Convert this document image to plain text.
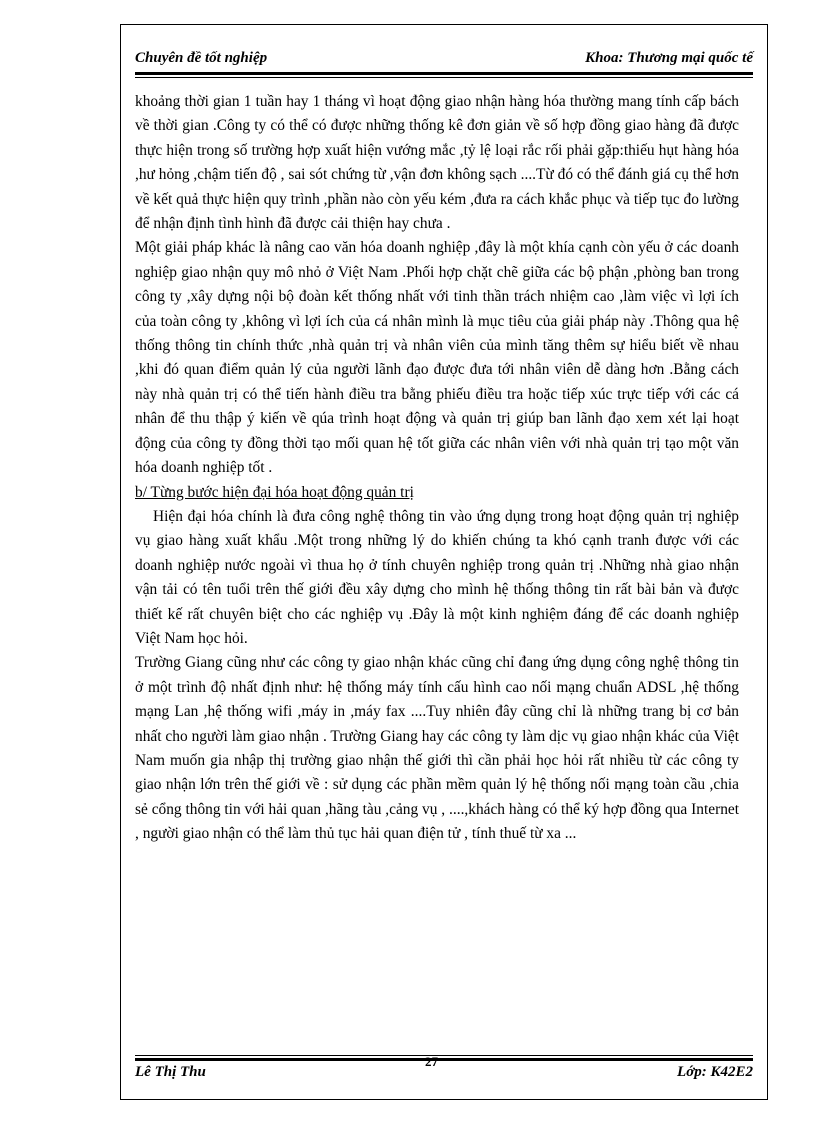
Chuyên đề tốt nghiệp	Khoa: Thương mại quốc tế

khoảng thời gian 1 tuần hay 1 tháng vì hoạt động giao nhận hàng hóa thường mang tính cấp bách về thời gian .Công ty có thể có được những thống kê đơn giản về số hợp đồng giao hàng đã được thực hiện trong số trường hợp xuất hiện vướng mắc ,tỷ lệ loại rắc rối phải gặp:thiếu hụt hàng hóa ,hư hỏng ,chậm tiến độ , sai sót chứng từ ,vận đơn không sạch ....Từ đó có thể đánh giá cụ thể hơn về kết quả thực hiện quy trình ,phần nào còn yếu kém ,đưa ra cách khắc phục và tiếp tục đo lường để nhận định tình hình đã được cải thiện hay chưa .

Một giải pháp khác là nâng cao văn hóa doanh nghiệp ,đây là một khía cạnh còn yếu ở các doanh nghiệp giao nhận quy mô nhỏ ở Việt Nam .Phối hợp chặt chẽ giữa các bộ phận ,phòng ban trong công ty ,xây dựng nội bộ đoàn kết thống nhất với tinh thần trách nhiệm cao ,làm việc vì lợi ích của toàn công ty ,không vì lợi ích của cá nhân mình là mục tiêu của giải pháp này .Thông qua hệ thống thông tin chính thức ,nhà quản trị và nhân viên của mình tăng thêm sự hiểu biết về nhau ,khi đó quan điểm quản lý của người lãnh đạo được đưa tới nhân viên dễ dàng hơn .Bằng cách này nhà quản trị có thể tiến hành điều tra bằng phiếu điều tra hoặc tiếp xúc trực tiếp với các cá nhân để thu thập ý kiến về qúa trình hoạt động và quản trị giúp ban lãnh đạo xem xét lại hoạt động của công ty đồng thời tạo mối quan hệ tốt giữa các nhân viên với nhà quản trị tạo một văn hóa doanh nghiệp tốt .

b/ Từng bước hiện đại hóa hoạt động quản trị

Hiện đại hóa chính là đưa công nghệ thông tin vào ứng dụng trong hoạt động quản trị nghiệp vụ giao hàng xuất khẩu .Một trong những lý do khiến chúng ta khó cạnh tranh được với các doanh nghiệp nước ngoài vì thua họ ở tính chuyên nghiệp trong quản trị .Những nhà giao nhận vận tải có tên tuổi trên thế giới đều xây dựng cho mình hệ thống thông tin rất bài bản và được thiết kế rất chuyên biệt cho các nghiệp vụ .Đây là một kinh nghiệm đáng để các doanh nghiệp Việt Nam học hỏi.

Trường Giang cũng như các công ty giao nhận khác cũng chỉ đang ứng dụng công nghệ thông tin ở một trình độ nhất định như: hệ thống máy tính cấu hình cao nối mạng chuẩn ADSL ,hệ thống mạng Lan ,hệ thống wifi ,máy in ,máy fax ....Tuy nhiên đây cũng chỉ là những trang bị cơ bản nhất cho người làm giao nhận . Trường Giang hay các công ty làm dịc vụ giao nhận khác của Việt Nam muốn gia nhập thị trường giao nhận thế giới thì cần phải học hỏi rất nhiều từ các công ty giao nhận lớn trên thế giới về : sử dụng các phần mềm quản lý hệ thống nối mạng toàn cầu ,chia sẻ cổng thông tin với hải quan ,hãng tàu ,cảng vụ , ....,khách hàng có thể ký hợp đồng qua Internet , người giao nhận có thể làm thủ tục hải quan điện tử , tính thuế từ xa ...

27
Lê Thị Thu	Lớp: K42E2
